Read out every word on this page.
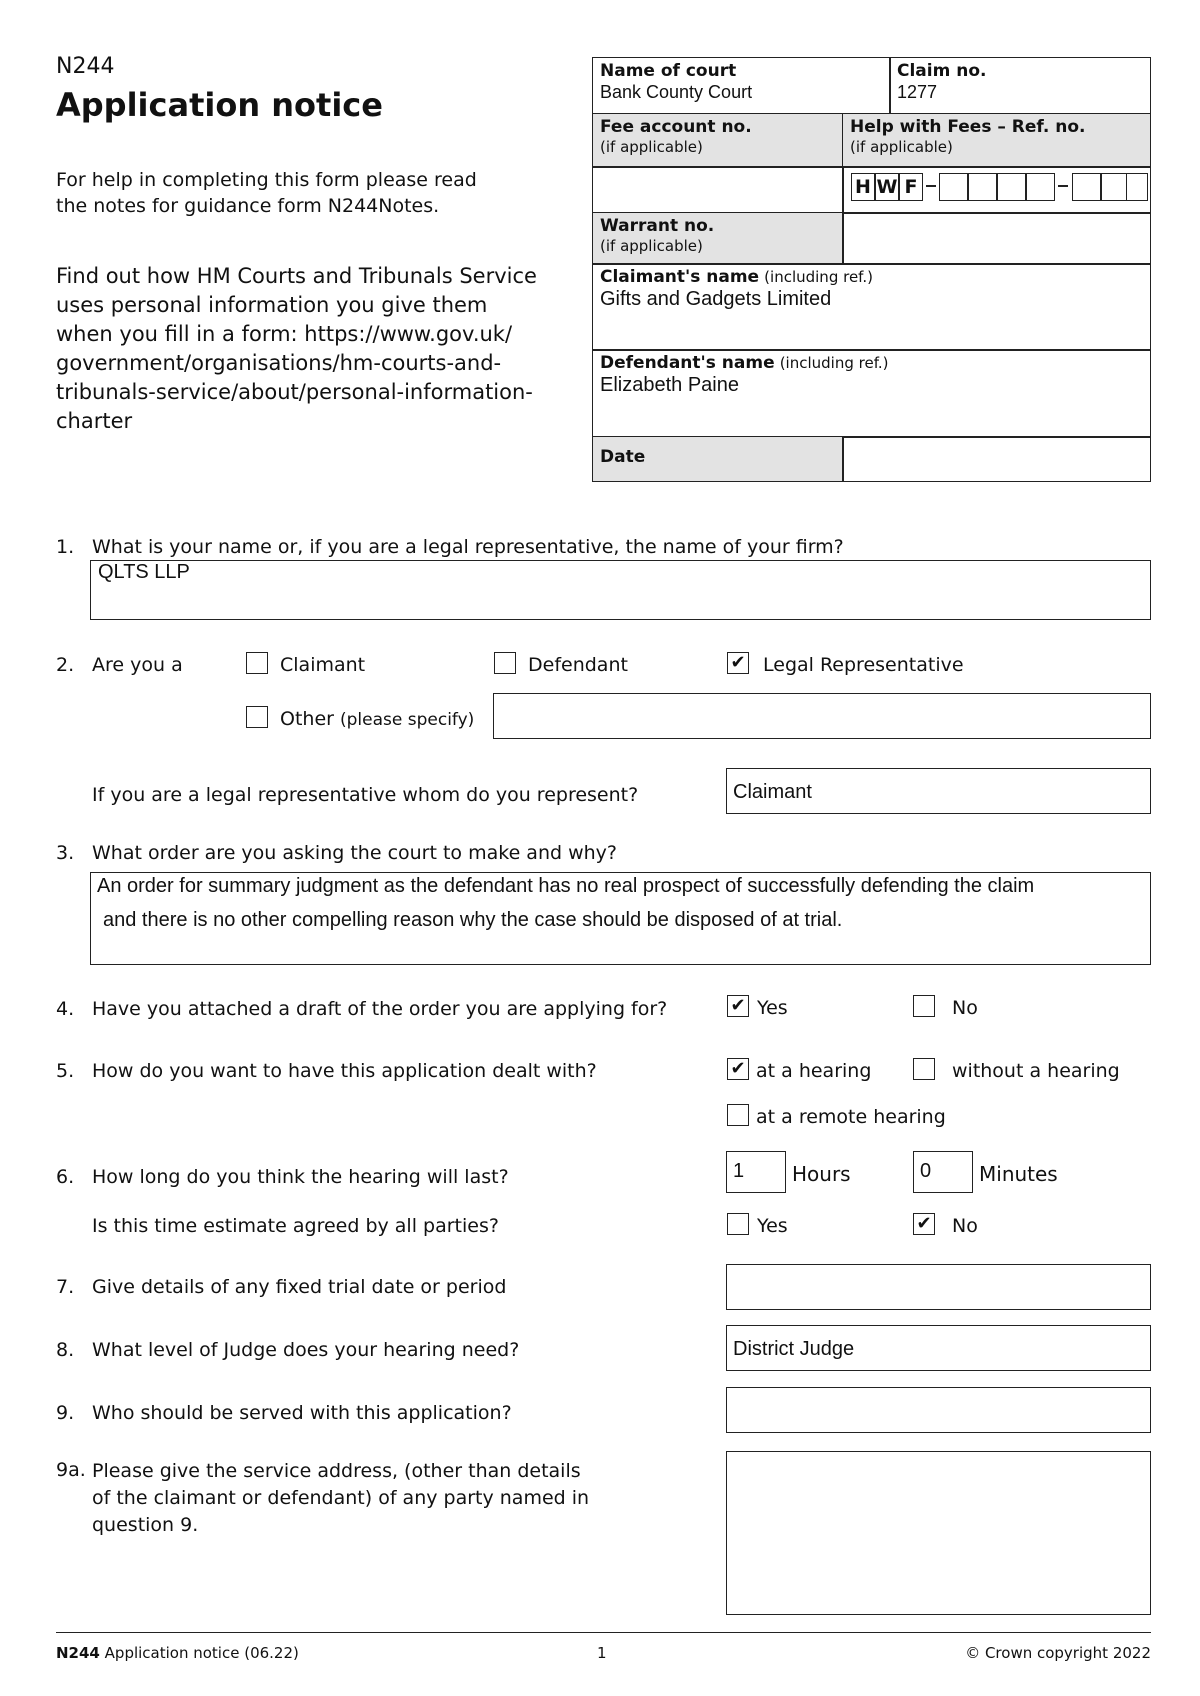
N244
Application notice
For help in completing this form please read
the notes for guidance form N244Notes.
Find out how HM Courts and Tribunals Service
uses personal information you give them
when you fill in a form: https://www.gov.uk/
government/organisations/hm-courts-and-
tribunals-service/about/personal-information-
charter
Name of court
Bank County Court
Claim no.
1277
Fee account no.
(if applicable)
Help with Fees – Ref. no.
(if applicable)
H W F
Warrant no.
(if applicable)
Claimant's name (including ref.)
Gifts and Gadgets Limited
Defendant's name (including ref.)
Elizabeth Paine
Date
1. What is your name or, if you are a legal representative, the name of your firm?
QLTS LLP
2. Are you a	Claimant	Defendant	✔ Legal Representative
Other (please specify)
If you are a legal representative whom do you represent?	Claimant
3. What order are you asking the court to make and why?
An order for summary judgment as the defendant has no real prospect of successfully defending the claim
and there is no other compelling reason why the case should be disposed of at trial.
4. Have you attached a draft of the order you are applying for?	✔ Yes	No
5. How do you want to have this application dealt with?	✔ at a hearing	without a hearing
at a remote hearing
6. How long do you think the hearing will last?	1	Hours	0	Minutes
Is this time estimate agreed by all parties?	Yes	✔ No
7. Give details of any fixed trial date or period
8. What level of Judge does your hearing need?	District Judge
9. Who should be served with this application?
9a. Please give the service address, (other than details
of the claimant or defendant) of any party named in
question 9.
N244 Application notice (06.22)	1	© Crown copyright 2022
